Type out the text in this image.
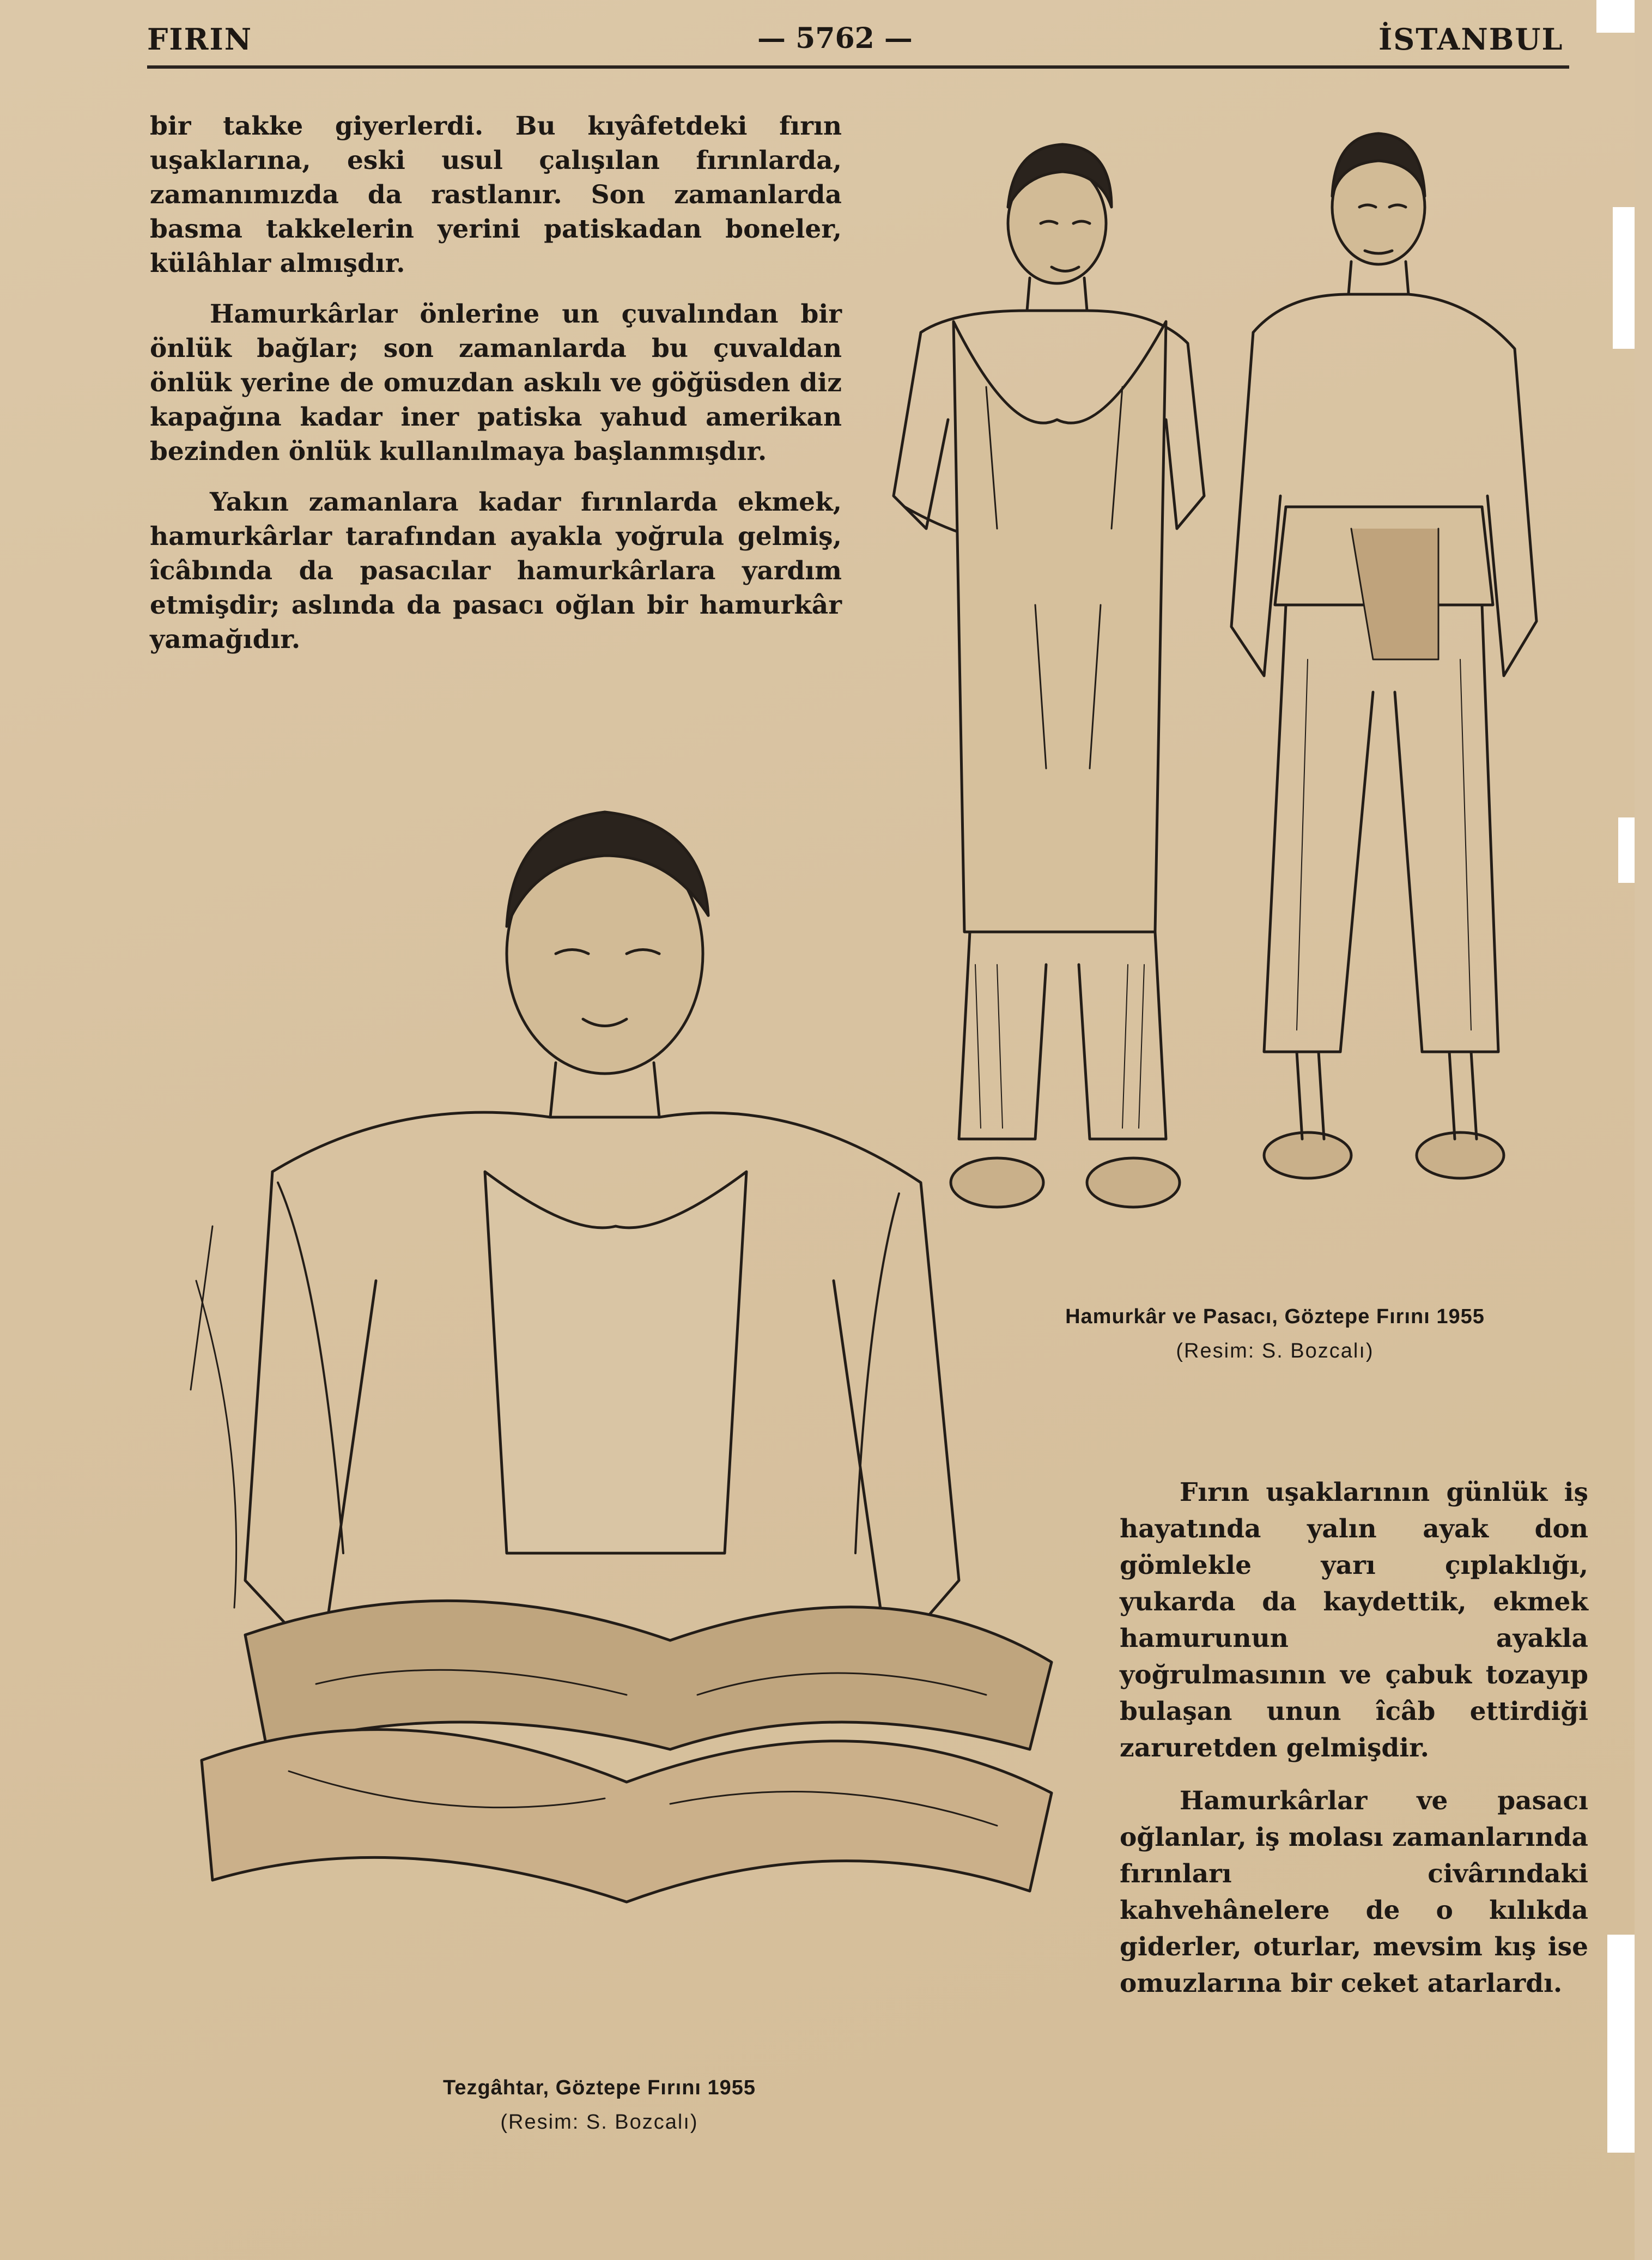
FIRIN	— 5762 —	İSTANBUL

bir takke giyerlerdi. Bu kıyâfetdeki fırın uşaklarına, eski usul çalışılan fırınlarda, zamanımızda da rastlanır. Son zamanlarda basma takkelerin yerini patiskadan boneler, külâhlar almışdır.

Hamurkârlar önlerine un çuvalından bir önlük bağlar; son zamanlarda bu çuvaldan önlük yerine de omuzdan askılı ve göğüsden diz kapağına kadar iner patiska yahud amerikan bezinden önlük kullanılmaya başlanmışdır.

Yakın zamanlara kadar fırınlarda ekmek, hamurkârlar tarafından ayakla yoğrula gelmiş, îcâbında da pasacılar hamurkârlara yardım etmişdir; aslında da pasacı oğlan bir hamurkâr yamağıdır.

Hamurkâr ve Pasacı, Göztepe Fırını 1955
(Resim: S. Bozcalı)
Tezgâhtar, Göztepe Fırını 1955
(Resim: S. Bozcalı)

Fırın uşaklarının günlük iş hayatında yalın ayak don gömlekle yarı çıplaklığı, yukarda da kaydettik, ekmek hamurunun ayakla yoğrulmasının ve çabuk tozayıp bulaşan unun îcâb ettirdiği zaruretden gelmişdir.

Hamurkârlar ve pasacı oğlanlar, iş molası zamanlarında fırınları civârındaki kahvehânelere de o kılıkda giderler, oturlar, mevsim kış ise omuzlarına bir ceket atarlardı.
